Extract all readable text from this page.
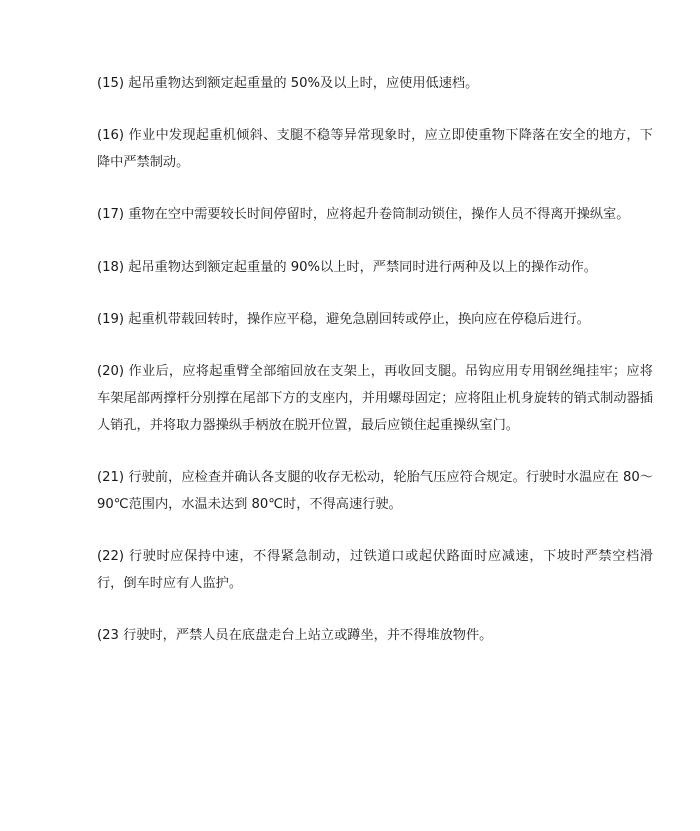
(15) 起吊重物达到额定起重量的 50%及以上时，应使用低速档。

(16) 作业中发现起重机倾斜、支腿不稳等异常现象时，应立即使重物下降落在安全的地方，下降中严禁制动。

(17) 重物在空中需要较长时间停留时，应将起升卷筒制动锁住，操作人员不得离开操纵室。

(18) 起吊重物达到额定起重量的 90%以上时，严禁同时进行两种及以上的操作动作。

(19) 起重机带载回转时，操作应平稳，避免急剧回转或停止，换向应在停稳后进行。

(20) 作业后，应将起重臂全部缩回放在支架上，再收回支腿。吊钩应用专用钢丝绳挂牢；应将车架尾部两撑杆分别撑在尾部下方的支座内，并用螺母固定；应将阻止机身旋转的销式制动器插人销孔，并将取力器操纵手柄放在脱开位置，最后应锁住起重操纵室门。

(21) 行驶前，应检查并确认各支腿的收存无松动，轮胎气压应符合规定。行驶时水温应在 80～90℃范围内，水温未达到 80℃时，不得高速行驶。

(22) 行驶时应保持中速，不得紧急制动，过铁道口或起伏路面时应减速，下坡时严禁空档滑行，倒车时应有人监护。

(23 行驶时，严禁人员在底盘走台上站立或蹲坐，并不得堆放物件。
